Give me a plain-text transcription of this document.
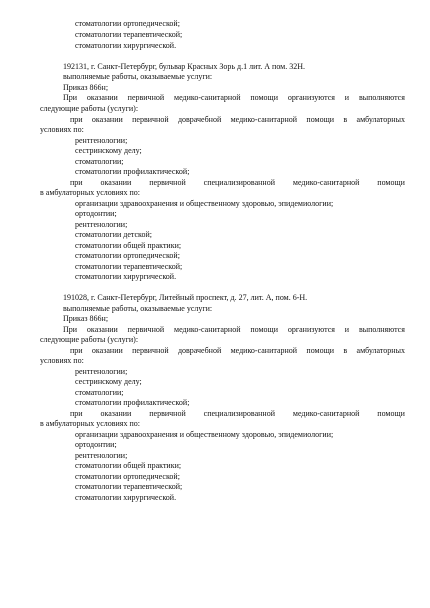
стоматологии ортопедической;
стоматологии терапевтической;
стоматологии хирургической.
192131, г. Санкт-Петербург, бульвар Красных Зорь д.1 лит. А пом. 32Н.
выполняемые работы, оказываемые услуги:
Приказ 866н;
При оказании первичной медико-санитарной помощи организуются и выполняются
следующие работы (услуги):
при оказании первичной доврачебной медико-санитарной помощи в амбулаторных
условиях по:
рентгенологии;
сестринскому делу;
стоматологии;
стоматологии профилактической;
при оказании первичной специализированной медико-санитарной помощи
в амбулаторных условиях по:
организации здравоохранения и общественному здоровью, эпидемиологии;
ортодонтии;
рентгенологии;
стоматологии детской;
стоматологии общей практики;
стоматологии ортопедической;
стоматологии терапевтической;
стоматологии хирургической.
191028, г. Санкт-Петербург, Литейный проспект, д. 27, лит. А, пом. 6-Н.
выполняемые работы, оказываемые услуги:
Приказ 866н;
При оказании первичной медико-санитарной помощи организуются и выполняются
следующие работы (услуги):
при оказании первичной доврачебной медико-санитарной помощи в амбулаторных
условиях по:
рентгенологии;
сестринскому делу;
стоматологии;
стоматологии профилактической;
при оказании первичной специализированной медико-санитарной помощи
в амбулаторных условиях по:
организации здравоохранения и общественному здоровью, эпидемиологии;
ортодонтии;
рентгенологии;
стоматологии общей практики;
стоматологии ортопедической;
стоматологии терапевтической;
стоматологии хирургической.
